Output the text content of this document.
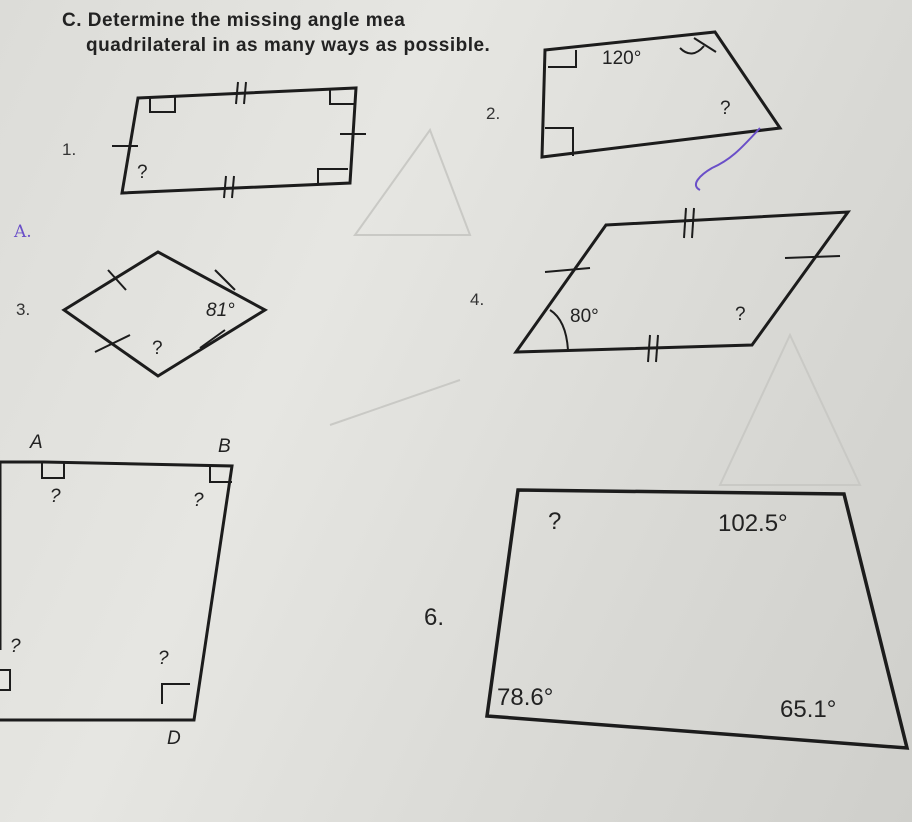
C. Determine the missing angle mea
quadrilateral in as many ways as possible.
1.
?
2.
120°
?
A.
3.	81°
?
4.
80°	?
A	B
D
?	?
?
?
6.
?	102.5°
78.6°	65.1°
